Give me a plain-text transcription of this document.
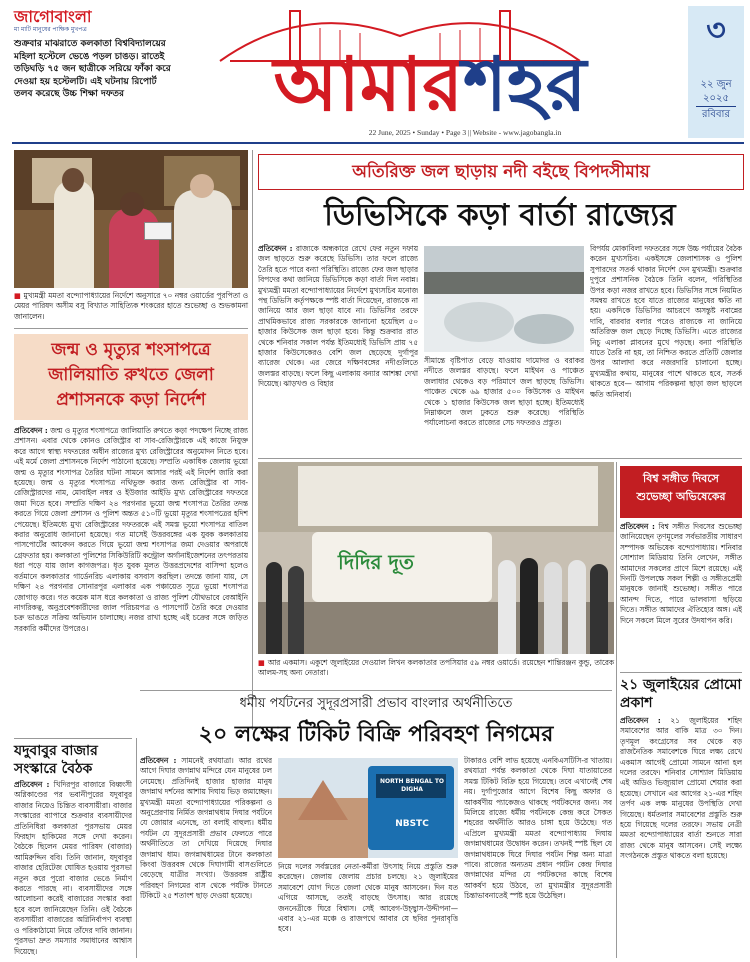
জাগোবাংলা
মা মাটি মানুষের পাক্ষিক মুখপত্র
শুক্রবার মাঝরাতে কলকাতা বিশ্ববিদ্যালয়ের মহিলা হস্টেলে ভেঙে পড়ল চাঙড়। রাতেই তড়িঘড়ি ৭৫ জন ছাত্রীকে সরিয়ে ফাঁকা করে দেওয়া হয় হস্টেলটি। এই ঘটনায় রিপোর্ট তলব করেছে উচ্চ শিক্ষা দফতর	আমারশহর
22 June, 2025 • Sunday • Page 3 || Website - www.jagobangla.in
৩
২২ জুন
২০২৫
রবিবার
■ মুখ্যমন্ত্রী মমতা বন্দ্যোপাধ্যায়ের নির্দেশে অনুসারে ৭০ নম্বর ওয়ার্ডের পুরপিতা ও মেয়র পারিষদ অসীম বসু বিখ্যাত সাহিত্যিক শংকরের হাতে শুভেচ্ছা ও শুভকামনা জানালেন।
জন্ম ও মৃত্যুর শংসাপত্রে জালিয়াতি রুখতে জেলা প্রশাসনকে কড়া নির্দেশ
প্রতিবেদন : জন্ম ও মৃত্যুর শংসাপত্রে জালিয়াতি রুখতে কড়া পদক্ষেপ নিচ্ছে রাজ্য প্রশাসন। এবার থেকে কোনও রেজিস্ট্রার বা সাব-রেজিস্ট্রারকে এই কাজে নিযুক্ত করে আগে স্বাস্থ্য দফতরের অধীন রাজ্যের মুখ্য রেজিস্ট্রারের অনুমোদন নিতে হবে। এই মর্মে জেলা প্রশাসনকে নির্দেশ পাঠানো হয়েছে। সম্প্রতি একাধিক জেলায় ভুয়ো জন্ম ও মৃত্যুর শংসাপত্র তৈরির ঘটনা সামনে আসার পরই এই নির্দেশ জারি করা হয়েছে। জন্ম ও মৃত্যুর শংসাপত্র নথিভুক্ত করার জন্য রেজিস্ট্রার বা সাব-রেজিস্ট্রারদের নাম, মোবাইল নম্বর ও ইউজার আইডি মুখ্য রেজিস্ট্রারের দফতরে জমা দিতে হবে। সম্প্রতি দক্ষিণ ২৪ পরগনার ভুয়ো জন্ম শংসাপত্র তৈরির তদন্ত করতে গিয়ে জেলা প্রশাসন ও পুলিশ অন্তত ৫১০টি ভুয়ো মৃত্যুর শংসাপত্রের হদিশ পেয়েছে। ইতিমধ্যে মুখ্য রেজিস্ট্রারের দফতরকে এই সমস্ত ভুয়ো শংসাপত্র বাতিল করার অনুরোধ জানানো হয়েছে। গত মাসেই উত্তরবঙ্গের এক যুবক কলকাতায় পাসপোর্টের আবেদন করতে গিয়ে ভুয়ো জন্ম শংসাপত্র জমা দেওয়ার অপরাধে গ্রেফতার হয়। কলকাতা পুলিশের সিকিউরিটি কন্ট্রোল অর্গানাইজেশনের তৎপরতায় ধরা পড়ে যায় জাল কাগজপত্র। ধৃত যুবক মূলত উত্তরপ্রদেশের বাসিন্দা হলেও বর্তমানে কলকাতার গার্ডেনরিচ এলাকায় বসবাস করছিল। তদন্তে জানা যায়, সে দক্ষিণ ২৪ পরগনার সোনারপুর এলাকার এক পঞ্চায়েত সূত্রে ভুয়ো শংসাপত্র জোগাড় করে। গত কয়েক মাস ধরে কলকাতা ও রাজ্য পুলিশ যৌথভাবে বেআইনি নাগরিকত্ব, অনুপ্রবেশকারীদের জাল পরিচয়পত্র ও পাসপোর্ট তৈরি করে দেওয়ার চক্র ভাঙতে সক্রিয় অভিযান চালাচ্ছে। নজর রাখা হচ্ছে এই চক্রের সঙ্গে জড়িত সরকারি কর্মীদের উপরেও।
যদুবাবুর বাজার সংস্কারে বৈঠক
প্রতিবেদন : খিদিরপুর বাজারে বিধ্বংসী অগ্নিকাণ্ডের পর ভবানীপুরের যদুবাবুর বাজার নিয়েও চিন্তিত ব্যবসায়ীরা। বাজার সংস্কারের ব্যাপারে শুক্রবার ব্যবসায়ীদের প্রতিনিধিরা কলকাতা পুরসভায় মেয়র ফিরহাদ হাকিমের সঙ্গে দেখা করেন। বৈঠকে ছিলেন মেয়র পারিষদ (বাজার) আমিরুদ্দিন ববি। তিনি জানান, যদুবাবুর বাজার হেরিটেজ ঘোষিত হওয়ায় পুরসভা নতুন করে পুরো বাজার ভেঙে নির্মাণ করতে পারছে না। ব্যবসায়ীদের সঙ্গে আলোচনা করেই বাজারের সংস্কার করা হবে বলে জানিয়েছেন তিনি। ওই বৈঠকে ব্যবসায়ীরা বাজারের অগ্নিনির্বাপণ ব্যবস্থা ও পরিকাঠামো নিয়ে তাঁদের দাবি জানান। পুরসভা দ্রুত সমস্যার সমাধানের আশ্বাস দিয়েছে।
অতিরিক্ত জল ছাড়ায় নদী বইছে বিপদসীমায়
ডিভিসিকে কড়া বার্তা রাজ্যের
প্রতিবেদন : রাজ্যকে অন্ধকারে রেখে ফের নতুন দফায় জল ছাড়তে শুরু করেছে ডিভিসি। তার ফলে রাজ্যে তৈরি হতে পারে বন্যা পরিস্থিতি। রাজ্যে ফের জল ছাড়ার বিপদের কথা জানিয়ে ডিভিসিকে কড়া বার্তা দিল নবান্ন। মুখ্যমন্ত্রী মমতা বন্দ্যোপাধ্যায়ের নির্দেশে মুখ্যসচিব মনোজ পন্থ ডিভিসি কর্তৃপক্ষকে স্পষ্ট বার্তা দিয়েছেন, রাজ্যকে না জানিয়ে আর জল ছাড়া যাবে না। ডিভিসির তরফে প্রাথমিকভাবে রাজ্য সরকারকে জানানো হয়েছিল ৫০ হাজার কিউসেক জল ছাড়া হবে। কিন্তু শুক্রবার রাত থেকে শনিবার সকাল পর্যন্ত ইতিমধ্যেই ডিভিসি প্রায় ৭৫ হাজার কিউসেকেরও বেশি জল ছেড়েছে দুর্গাপুর ব্যারেজ থেকে। এর জেরে দক্ষিণবঙ্গের নদীগুলিতে জলস্তর বাড়ছে। ফলে কিছু এলাকায় বন্যার আশঙ্কা দেখা দিয়েছে। ঝাড়খণ্ড ও বিহার
সীমান্তে বৃষ্টিপাত বেড়ে যাওয়ায় দামোদর ও বরাকর নদীতে জলস্তর বাড়ছে। ফলে মাইথন ও পাঞ্চেত জলাধার থেকেও বড় পরিমাণে জল ছাড়ছে ডিভিসি। পাঞ্চেত থেকে ৬৯ হাজার ৫০০ কিউসেক ও মাইথন থেকে ১ হাজার কিউসেক জল ছাড়া হচ্ছে। ইতিমধ্যেই নিম্নাঞ্চলে জল ঢুকতে শুরু করেছে। পরিস্থিতি পর্যালোচনা করতে রাজ্যের সেচ দফতরও প্রস্তুত।
বিপর্যয় মোকাবিলা দফতরের সঙ্গে উচ্চ পর্যায়ের বৈঠক করেন মুখ্যসচিব। একইসঙ্গে জেলাশাসক ও পুলিশ সুপারদের সতর্ক থাকার নির্দেশ দেন মুখ্যমন্ত্রী। শুক্রবার দুপুরে প্রশাসনিক বৈঠকে তিনি বলেন, পরিস্থিতির উপর কড়া নজর রাখতে হবে। ডিভিসির সঙ্গে নিয়মিত সমন্বয় রাখতে হবে যাতে রাজ্যের মানুষের ক্ষতি না হয়। একদিকে ডিভিসির আচরণে অসন্তুষ্ট নবান্নের দাবি, বারবার বলার পরেও রাজ্যকে না জানিয়ে অতিরিক্ত জল ছেড়ে দিচ্ছে ডিভিসি। এতে রাজ্যের নিচু এলাকা প্লাবনের মুখে পড়ছে। বন্যা পরিস্থিতি যাতে তৈরি না হয়, তা নিশ্চিত করতে প্রতিটি জেলার উপর আলাদা করে নজরদারি চালানো হচ্ছে। মুখ্যমন্ত্রীর কথায়, মানুষের পাশে থাকতে হবে, সতর্ক থাকতে হবে— আগাম পরিকল্পনা ছাড়া জল ছাড়লে ক্ষতি অনিবার্য।
দিদির দূত
■ আর একমাস। একুশে জুলাইয়ের দেওয়াল লিখন কলকাতার তপসিয়ার ৫৯ নম্বর ওয়ার্ডে। রয়েছেন শান্তিরঞ্জন কুন্ডু, তারেক আলম-সহ অন্য নেতারা।
বিশ্ব সঙ্গীত দিবসে শুভেচ্ছা অভিষেকের
প্রতিবেদন : বিশ্ব সঙ্গীত দিবসের শুভেচ্ছা জানিয়েছেন তৃণমূলের সর্বভারতীয় সাধারণ সম্পাদক অভিষেক বন্দ্যোপাধ্যায়। শনিবার সোশ্যাল মিডিয়ায় তিনি লেখেন, সঙ্গীত আমাদের সকলের প্রাণে মিশে রয়েছে। এই দিনটি উপলক্ষে সকল শিল্পী ও সঙ্গীতপ্রেমী মানুষকে জানাই শুভেচ্ছা। সঙ্গীত পারে আনন্দ দিতে, পারে ভালবাসা ছড়িয়ে দিতে। সঙ্গীত আমাদের ঐতিহ্যের অঙ্গ। এই দিনে সকলে মিলে সুরের উদযাপন করি।
২১ জুলাইয়ের প্রোমো প্রকাশ
প্রতিবেদন : ২১ জুলাইয়ের শহিদ সমাবেশের আর বাকি মাত্র ৩০ দিন। তৃণমূল কংগ্রেসের সব থেকে বড় রাজনৈতিক সমাবেশকে ঘিরে লক্ষ্য রেখে একমাস আগেই প্রোমো সামনে আনা হল দলের তরফে। শনিবার সোশ্যাল মিডিয়ায় এই অডিও ভিজ্যুয়াল প্রোমো শেয়ার করা হয়েছে। সেখানে এর আগের ২১-এর শহিদ তর্পণ এক লক্ষ মানুষের উপস্থিতি দেখা গিয়েছে। ধর্মতলার সমাবেশের প্রস্তুতি শুরু হয়ে গিয়েছে দলের তরফে। সভায় নেত্রী মমতা বন্দ্যোপাধ্যায়ের বার্তা শুনতে সারা রাজ্য থেকে মানুষ আসবেন। সেই লক্ষ্যে সংগঠনকে প্রস্তুত থাকতে বলা হয়েছে।
ধর্মীয় পর্যটনের সুদূরপ্রসারী প্রভাব বাংলার অর্থনীতিতে
২০ লক্ষের টিকিট বিক্রি পরিবহণ নিগমের
প্রতিবেদন : সামনেই রথযাত্রা। আর রথের আগে দিঘার জগন্নাথ মন্দিরে যেন মানুষের ঢল নেমেছে। প্রতিদিনই হাজার হাজার মানুষ জগন্নাথ দর্শনের আশায় দিঘায় ভিড় জমাচ্ছেন। মুখ্যমন্ত্রী মমতা বন্দ্যোপাধ্যায়ের পরিকল্পনা ও অনুপ্রেরণায় নির্মিত জগন্নাথধাম দিঘার পর্যটনে যে জোয়ার এনেছে, তা বলাই বাহুল্য। ধর্মীয় পর্যটন যে সুদূরপ্রসারী প্রভাব ফেলতে পারে অর্থনীতিতে তা দেখিয়ে দিয়েছে দিঘার জগন্নাথ ধাম। জগন্নাথধামের টানে কলকাতা কিংবা উত্তরবঙ্গ থেকে দিঘাগামী বাসগুলিতে বেড়েছে যাত্রীর সংখ্যা। উত্তরবঙ্গ রাষ্ট্রীয় পরিবহণ নিগমের বাস থেকে পর্যটক টানতে টিকিটে ২৫ শতাংশ ছাড় দেওয়া হয়েছে।
NORTH BENGAL TO DIGHA
NBSTC
টাকারও বেশি লাভ হয়েছে এনবিএসটিসি-র খাতায়। রথযাত্রা পর্যন্ত কলকাতা থেকে দিঘা যাতায়াতের সমস্ত টিকিট বিক্রি হয়ে গিয়েছে। তবে এখানেই শেষ নয়। দুর্গাপুজোর আগে বিশেষ কিছু অফার ও আকর্ষণীয় প্যাকেজও থাকছে পর্যটকদের জন্য। সব মিলিয়ে রাজ্যে ধর্মীয় পর্যটনকে কেন্দ্র করে সৈকত শহরের অর্থনীতি আরও চাঙ্গা হয়ে উঠেছে। গত এপ্রিলে মুখ্যমন্ত্রী মমতা বন্দ্যোপাধ্যায় দিঘায় জগন্নাথধামের উদ্বোধন করেন। তখনই স্পষ্ট ছিল যে জগন্নাথধামকে ঘিরে দিঘার পর্যটন শিল্প অন্য মাত্রা পাবে। রাজ্যের অন্যতম প্রধান পর্যটন কেন্দ্র দিঘার জগন্নাথের মন্দির যে পর্যটকদের কাছে বিশেষ আকর্ষণ হয়ে উঠবে, তা মুখ্যমন্ত্রীর সুদূরপ্রসারী চিন্তাভাবনাতেই স্পষ্ট হয়ে উঠেছিল।
নিয়ে দলের সর্বস্তরের নেতা-কর্মীরা উৎসাহ নিয়ে প্রস্তুতি শুরু করেছেন। জেলায় জেলায় প্রচার চলছে। ২১ জুলাইয়ের সমাবেশে যোগ দিতে জেলা থেকে মানুষ আসবেন। দিন যত এগিয়ে আসছে, ততই বাড়ছে উৎসাহ। আর রয়েছে জননেত্রীকে ঘিরে বিশ্বাস। সেই আবেগ-উচ্ছ্বাস-উদ্দীপনা— এবার ২১-এর মঞ্চে ও রাজপথে আবার যে ছবির পুনরাবৃত্তি হবে।
